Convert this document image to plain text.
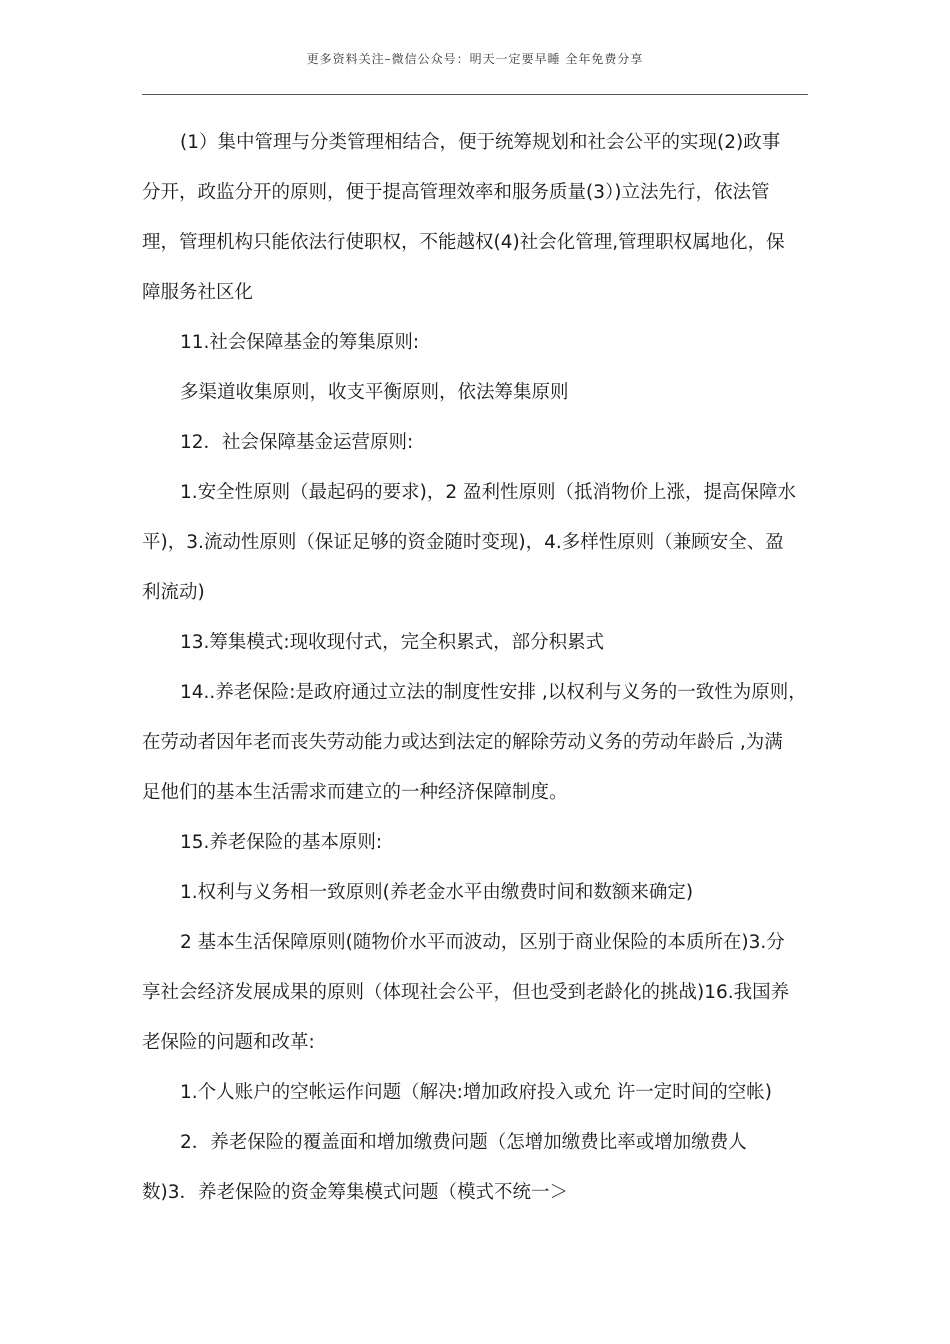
更多资料关注–微信公众号：明天一定要早睡 全年免费分享
(1）集中管理与分类管理相结合，便于统筹规划和社会公平的实现(2)政事
分开，政监分开的原则，便于提高管理效率和服务质量(3）)立法先行，依法管
理，管理机构只能依法行使职权，不能越权(4)社会化管理,管理职权属地化，保
障服务社区化
11.社会保障基金的筹集原则:
多渠道收集原则，收支平衡原则，依法筹集原则
12．社会保障基金运营原则:
1.安全性原则（最起码的要求)，2 盈利性原则（抵消物价上涨，提高保障水
平)，3.流动性原则（保证足够的资金随时变现)，4.多样性原则（兼顾安全、盈
利流动)
13.筹集模式:现收现付式，完全积累式，部分积累式
14..养老保险:是政府通过立法的制度性安排 ,以权利与义务的一致性为原则，
在劳动者因年老而丧失劳动能力或达到法定的解除劳动义务的劳动年龄后 ,为满
足他们的基本生活需求而建立的一种经济保障制度。
15.养老保险的基本原则:
1.权利与义务相一致原则(养老金水平由缴费时间和数额来确定)
2 基本生活保障原则(随物价水平而波动，区别于商业保险的本质所在)3.分
享社会经济发展成果的原则（体现社会公平，但也受到老龄化的挑战)16.我国养
老保险的问题和改革:
1.个人账户的空帐运作问题（解决:增加政府投入或允 许一定时间的空帐)
2．养老保险的覆盖面和增加缴费问题（怎增加缴费比率或增加缴费人
数)3．养老保险的资金筹集模式问题（模式不统一＞
